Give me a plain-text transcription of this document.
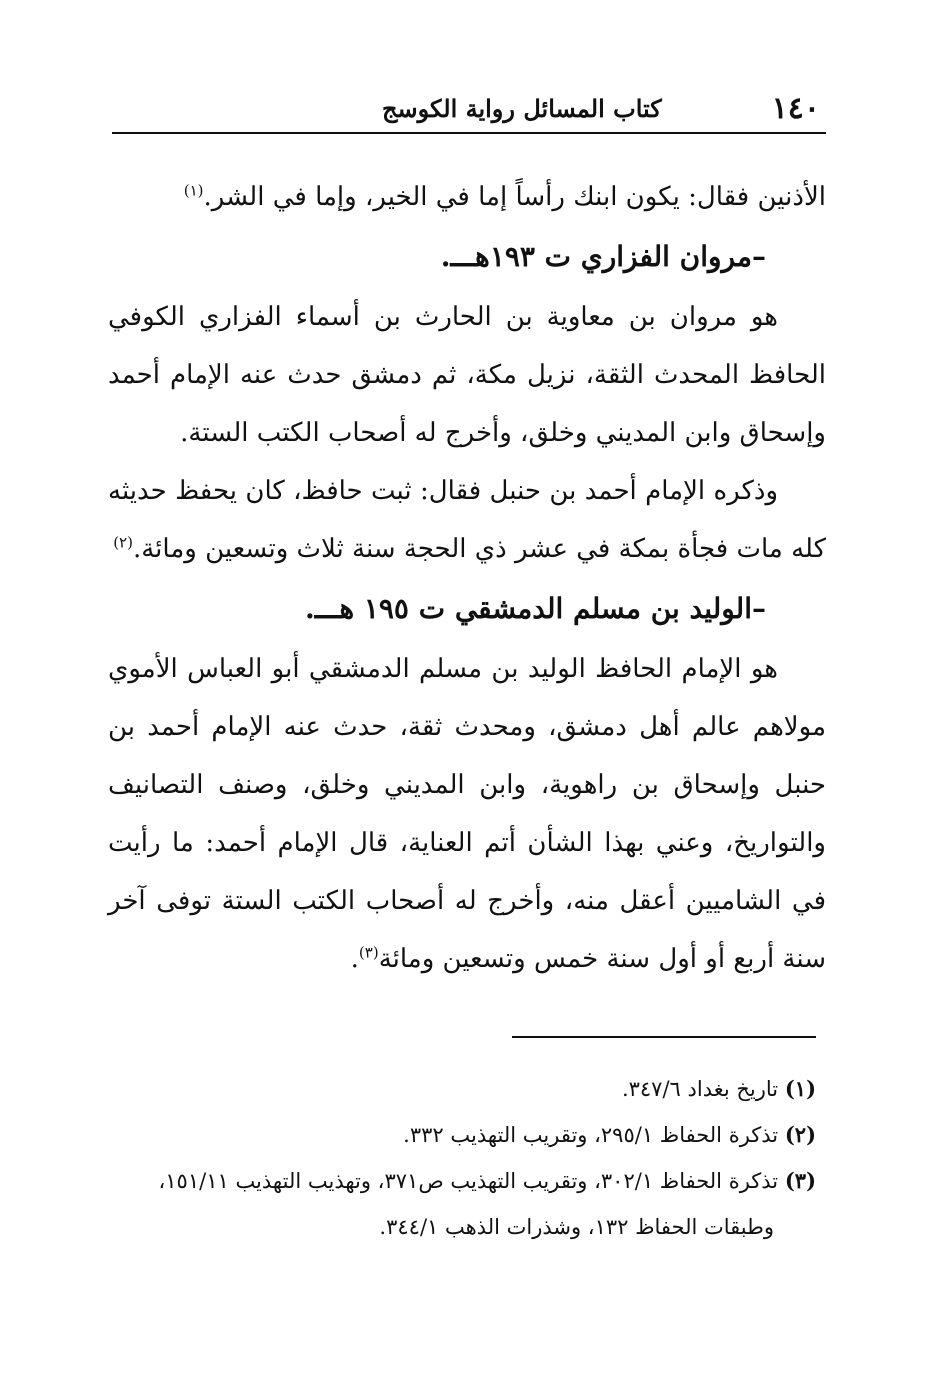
١٤٠
كتاب المسائل رواية الكوسج

الأذنين فقال: يكون ابنك رأساً إما في الخير، وإما في الشر.$^{(١)}$

–مروان الفزاري ت ١٩٣هـــ.

هو مروان بن معاوية بن الحارث بن أسماء الفزاري الكوفي الحافظ المحدث الثقة، نزيل مكة، ثم دمشق حدث عنه الإمام أحمد وإسحاق وابن المديني وخلق، وأخرج له أصحاب الكتب الستة.

وذكره الإمام أحمد بن حنبل فقال: ثبت حافظ، كان يحفظ حديثه كله مات فجأة بمكة في عشر ذي الحجة سنة ثلاث وتسعين ومائة.$^{(٢)}$

–الوليد بن مسلم الدمشقي ت ١٩٥ هـــ.

هو الإمام الحافظ الوليد بن مسلم الدمشقي أبو العباس الأموي مولاهم عالم أهل دمشق، ومحدث ثقة، حدث عنه الإمام أحمد بن حنبل وإسحاق بن راهوية، وابن المديني وخلق، وصنف التصانيف والتواريخ، وعني بهذا الشأن أتم العناية، قال الإمام أحمد: ما رأيت في الشاميين أعقل منه، وأخرج له أصحاب الكتب الستة توفى آخر سنة أربع أو أول سنة خمس وتسعين ومائة$^{(٣)}$.

(١) تاريخ بغداد ٣٤٧/٦.

(٢) تذكرة الحفاظ ٢٩٥/١، وتقريب التهذيب ٣٣٢.

(٣) تذكرة الحفاظ ٣٠٢/١، وتقريب التهذيب ص٣٧١، وتهذيب التهذيب ١٥١/١١،

وطبقات الحفاظ ١٣٢، وشذرات الذهب ٣٤٤/١.
